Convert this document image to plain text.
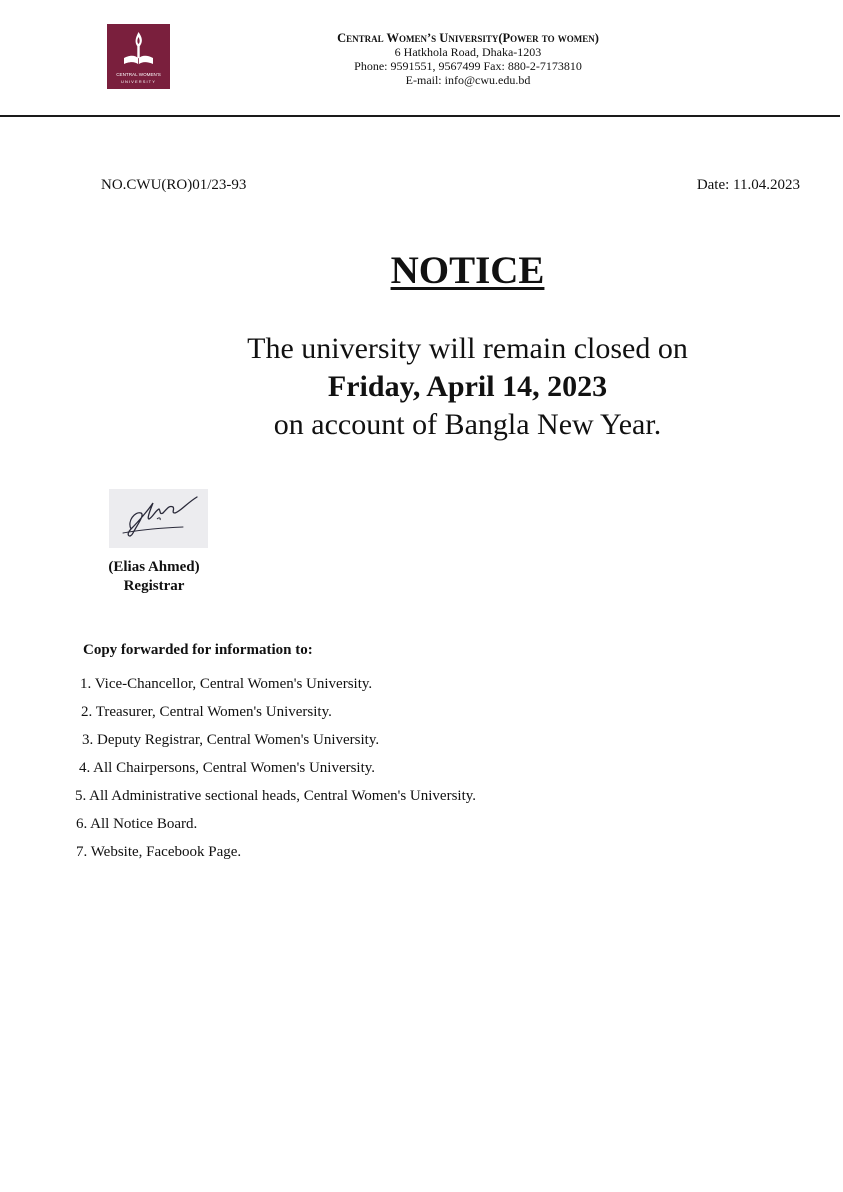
CENTRAL WOMEN'S
UNIVERSITY
Central Women’s University(Power to women)
6 Hatkhola Road, Dhaka-1203
Phone: 9591551, 9567499 Fax: 880-2-7173810
E-mail: info@cwu.edu.bd
NO.CWU(RO)01/23-93	Date: 11.04.2023
NOTICE
The university will remain closed on
Friday, April 14, 2023
on account of Bangla New Year.
(Elias Ahmed)
Registrar
Copy forwarded for information to:
1. Vice-Chancellor, Central Women's University.
2. Treasurer, Central Women's University.
3. Deputy Registrar, Central Women's University.
4. All Chairpersons, Central Women's University.
5. All Administrative sectional heads, Central Women's University.
6. All Notice Board.
7. Website, Facebook Page.
